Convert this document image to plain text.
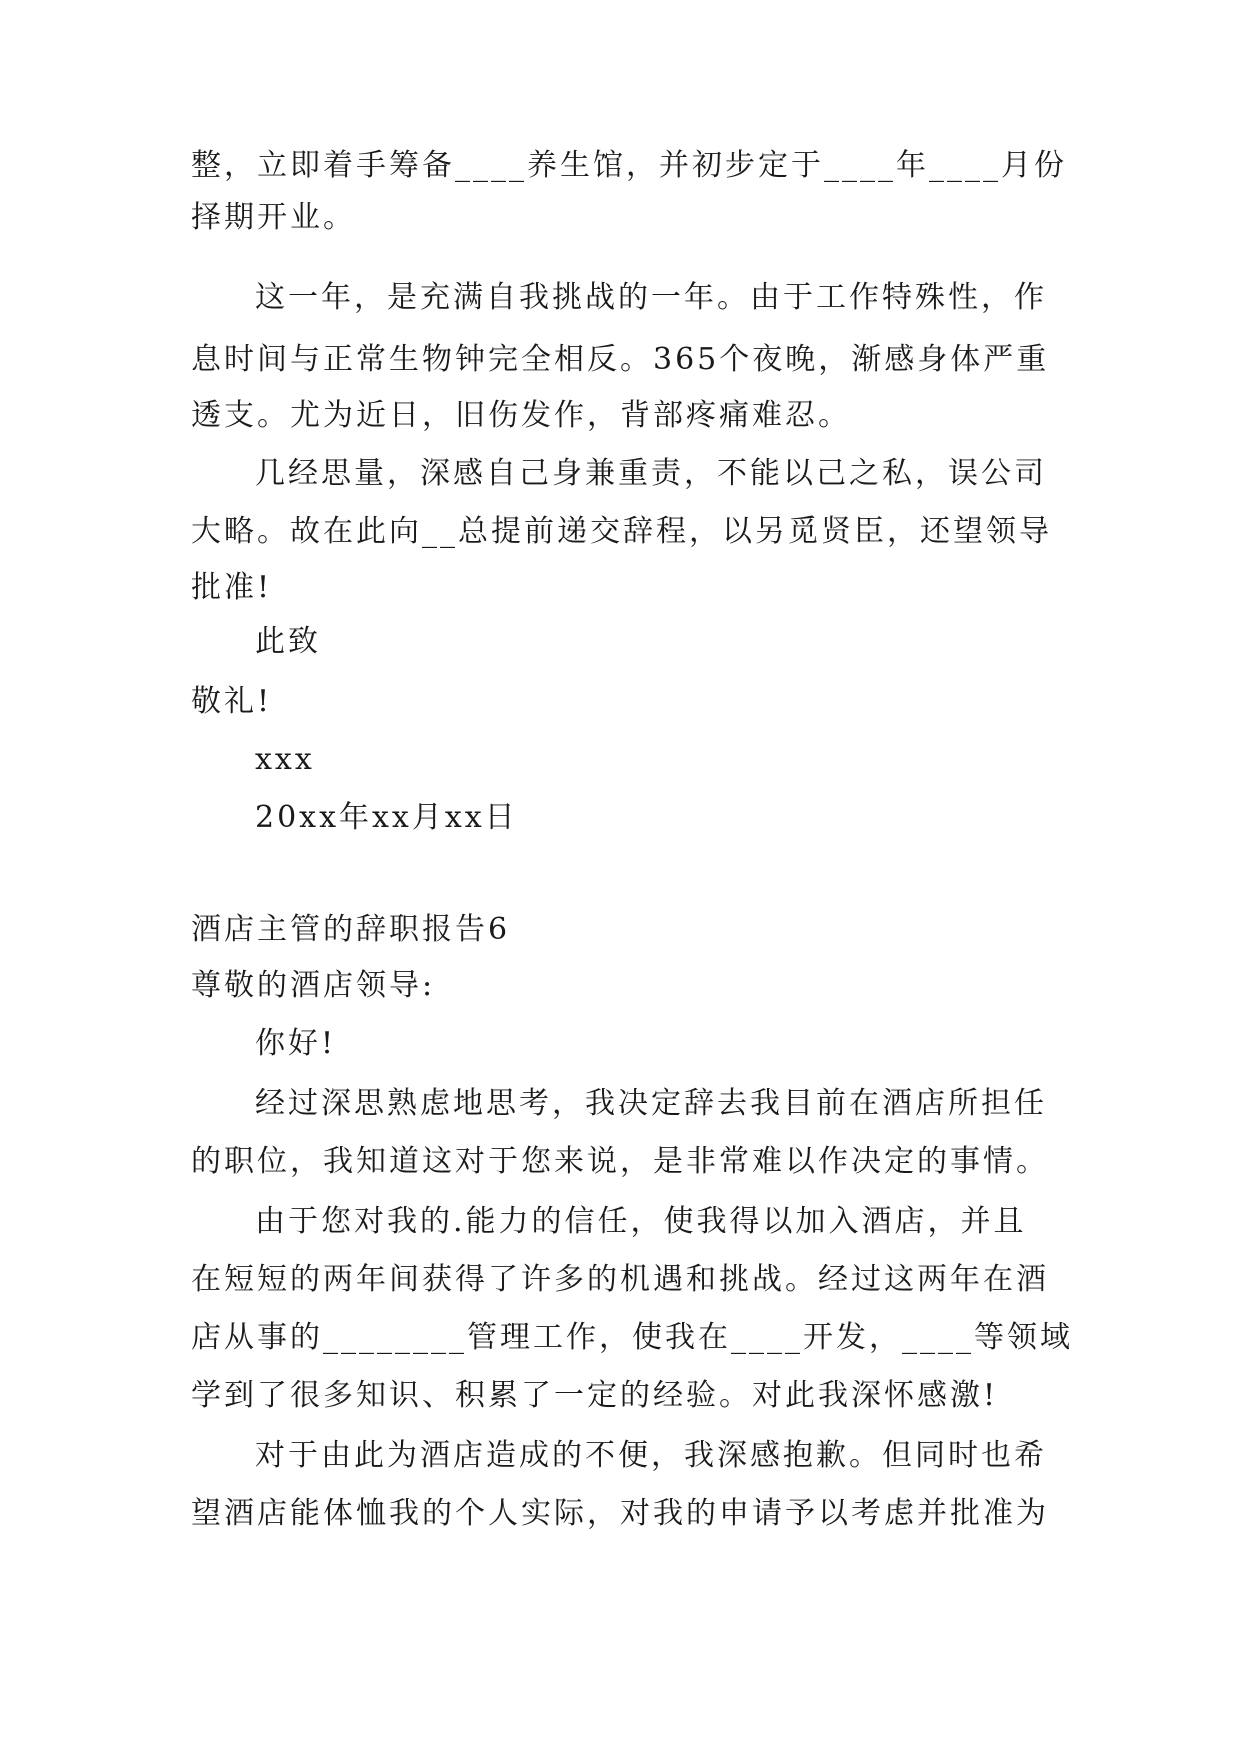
整，立即着手筹备____养生馆，并初步定于____年____月份
择期开业。
这一年，是充满自我挑战的一年。由于工作特殊性，作
息时间与正常生物钟完全相反。365个夜晚，渐感身体严重
透支。尤为近日，旧伤发作，背部疼痛难忍。
几经思量，深感自己身兼重责，不能以己之私，误公司
大略。故在此向__总提前递交辞程，以另觅贤臣，还望领导
批准!
此致
敬礼!
xxx
20xx年xx月xx日
酒店主管的辞职报告6
尊敬的酒店领导:
你好!
经过深思熟虑地思考，我决定辞去我目前在酒店所担任
的职位，我知道这对于您来说，是非常难以作决定的事情。
由于您对我的.能力的信任，使我得以加入酒店，并且
在短短的两年间获得了许多的机遇和挑战。经过这两年在酒
店从事的________管理工作，使我在____开发，____等领域
学到了很多知识、积累了一定的经验。对此我深怀感激!
对于由此为酒店造成的不便，我深感抱歉。但同时也希
望酒店能体恤我的个人实际，对我的申请予以考虑并批准为
